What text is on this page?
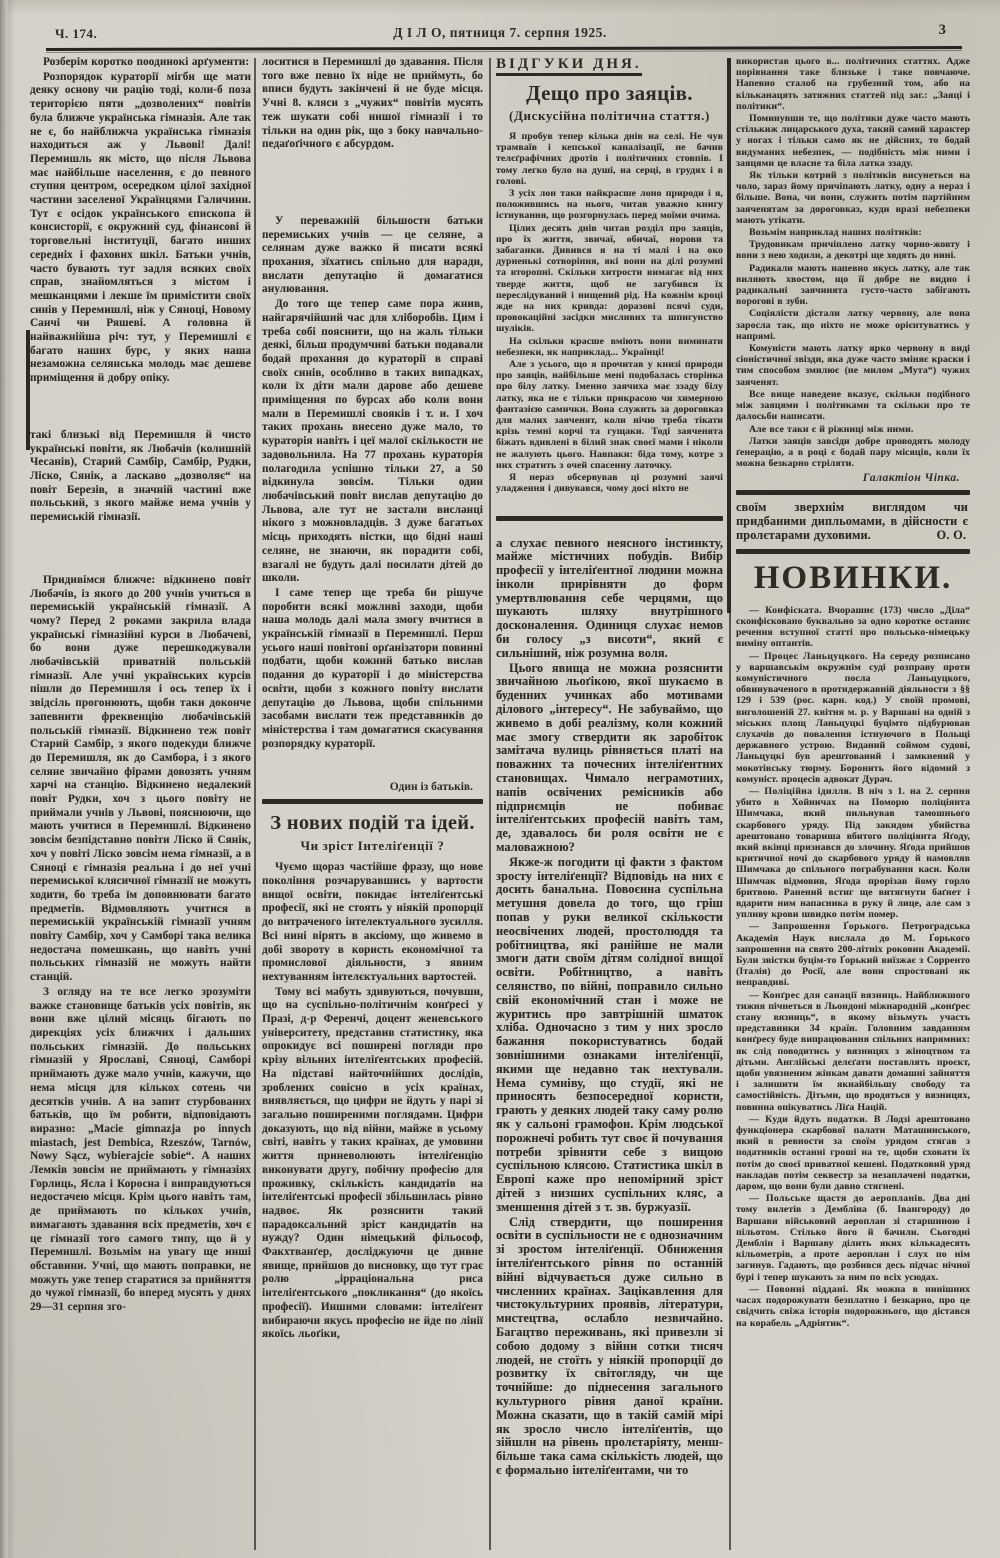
Ч. 174.	Д І Л О, пятниця 7. серпня 1925.	3

Розберім коротко поодинокі арґументи:

Розпорядок кураторії мігби ще мати деяку основу чи рацію тоді, коли-б поза територією пяти „дозволених“ повітів була ближче українська гімназія. Але так не є, бо найближча українська гімназія находиться аж у Львові! Далі! Перемишль як місто, що після Львова має найбільше населення, є до певного ступня центром, осередком цілої західної частини заселеної Українцями Галичини. Тут є осідок українського єпископа й консисторії, є окружний суд, фінансові й торговельні інституції, багато инших середніх і фахових шкіл. Батьки учнів, часто бувають тут задля всяких своїх справ, знайомляться з містом і мешканцями і лекше їм примістити своїх синів у Перемишлі, ніж у Сяноці, Новому Санчі чи Ряшеві. А головна й найважнійша річ: тут, у Перемишлі є багато наших бурс, у яких наша незаможна селянська молодь має дешеве приміщення й добру опіку.

такі близькі від Перемишля й чисто українські повіти, як Любачів (колишній Чесанів), Старий Самбір, Самбір, Рудки, Ліско, Сянік, а ласкаво „дозволяє“ на повіт Березів, в значній частині вже польський, з якого майже нема учнів у перемиській гімназії.

Придивімся ближче: відкинено повіт Любачів, із якого до 200 учнів учиться в перемиській українській гімназії. А чому? Перед 2 роками закрила влада українські гімназійні курси в Любачеві, бо вони дуже перешкоджували любачівській приватній польській гімназії. Але учні українських курсів пішли до Перемишля і ось тепер їх і звідсіль прогонюють, щоби таки доконче запевнити фреквенцію любачівській польській гімназії. Відкинено теж повіт Старий Самбір, з якого подекуди ближче до Перемишля, як до Самбора, і з якого селяне звичайно фірами довозять учням харчі на станцію. Відкинено недалекий повіт Рудки, хоч з цього повіту не приймали учнів у Львові, пояснюючи, що мають учитися в Перемишлі. Відкинено зовсім безпідставно повіти Ліско й Сянік, хоч у повіті Ліско зовсім нема гімназії, а в Сяноці є гімназія реальна і до неї учні перемиської клясичної гімназії не можуть ходити, бо треба їм доповнювати багато предметів. Відмовляють учитися в перемиській українській гімназії учням повіту Самбір, хоч у Самборі така велика недостача помешкань, що навіть учні польських гімназій не можуть найти станцій.

З огляду на те все легко зрозуміти важке становище батьків усіх повітів, як вони вже цілий місяць бігають по дирекціях усіх ближчих і дальших польських гімназій. До польських гімназій у Ярославі, Сяноці, Самборі приймають дуже мало учнів, кажучи, що нема місця для кількох сотень чи десятків учнів. А на запит стурбованих батьків, що їм робити, відповідають виразно: „Macie gimnazja po innych miastach, jest Dembica, Rzeszów, Tarnów, Nowy Sącz, wybierajcie sobie“. А наших Лемків зовсім не приймають у гімназіях Горлиць, Ясла і Коросна і виправдуються недостачею місця. Крім цього навіть там, де приймають по кількох учнів, вимагають здавання всіх предметів, хоч є це гімназії того самого типу, що й у Перемишлі. Возьмім на увагу ще инші обставини. Учні, що мають поправки, не можуть уже тепер старатися за прийняття до чужої гімназії, бо вперед мусять у днях 29—31 серпня зго-

лоситися в Перемишлі до здавання. Після того вже певно їх ніде не приймуть, бо вписи будуть закінчені й не буде місця. Учні 8. кляси з „чужих“ повітів мусять теж шукати собі иншої гімназії і то тільки на один рік, що з боку навчально-педаґоґічного є абсурдом.

У переважній більшости батьки перемиських учнів — це селяне, а селянам дуже важко й писати всякі прохання, зїхатись спільно для наради, вислати депутацію й домагатися анулювання.

До того ще тепер саме пора жнив, найгарячійший час для хліборобів. Цим і треба собі пояснити, що на жаль тільки деякі, більш продумчиві батьки подавали бодай прохання до кураторії в справі своїх синів, особливо в таких випадках, коли їх діти мали дарове або дешеве приміщення по бурсах або коли вони мали в Перемишлі свояків і т. и. І хоч таких прохань внесено дуже мало, то кураторія навіть і цеї малої скількости не задовольнила. На 77 прохань кураторія полагодила успішно тільки 27, а 50 відкинула зовсім. Тільки один любачівський повіт вислав депутацію до Львова, але тут не застали висланці нікого з можновладців. З дуже багатьох місць приходять вістки, що бідні наші селяне, не знаючи, як порадити собі, взагалі не будуть далі посилати дітей до школи.

І саме тепер ще треба би рішуче поробити всякі можливі заходи, щоби наша молодь далі мала змогу вчитися в українській гімназії в Перемишлі. Перш усього наші повітові орґанізатори повинні подбати, щоби кожний батько вислав подання до кураторії і до міністерства освіти, щоби з кожного повіту вислати депутацію до Львова, щоби спільними засобами вислати теж представників до міністерства і там домагатися скасування розпорядку кураторії.

Один із батьків.
З нових подій та ідей.
Чи зріст Інтеліґенції ?

Чуємо щораз частійше фразу, що нове покоління розчарувавшись у вартости вищої освіти, покидає інтеліґентські професії, які не стоять у ніякій пропорції до витраченого інтелектуального зусилля. Всі нині вірять в аксіому, що живемо в добі звороту в користь економічної та промислової діяльности, з явним нехтуванням інтелєктуальних вартостей.

Тому всі мабуть здивуються, почувши, що на суспільно-політичнім конґресі у Празі, д-р Ференчі, доцент женевського університету, представив статистику, яка опрокидує всі поширені погляди про крізу вільних інтеліґентських професій. На підставі найточнійших дослідів, зроблених совісно в усіх країнах, виявляється, що цифри не йдуть у парі зі загально поширеними поглядами. Цифри доказують, що від війни, майже в усьому світі, навіть у таких країнах, де умовини життя приневолюють інтеліґенцію виконувати другу, побічну професію для проживку, скількість кандидатів на інтеліґентські професії збільшилась рівно надвоє. Як розяснити такий парадоксальний зріст кандидатів на нужду? Один німецький фільософ, Факхтванґер, досліджуючи це дивне явище, прийшов до висновку, що тут грає ролю „ірраціональна риса інтеліґентського „покликання“ (до якоїсь професії). Иншими словами: інтеліґент вибираючи якусь професію не йде по лінії якоїсь льоґіки,

ВІДГУКИ ДНЯ.
Дещо про заяців.
(Дискусійна політична стаття.)

Я пробув тепер кілька днів на селі. Не чув трамваїв і кепської каналізації, не бачив телєґрафічних дротів і політичних стовпів. І тому легко було на душі, на серці, в грудях і в голові.

З усіх лон таки найкрасше лоно природи і я, положившись на нього, читав уважно книгу істнування, що розгорнулась перед моїми очима.

Цілих десять днів читав розділ про заяців, про їх життя, звичаї, обичаї, норови та забаганки. Дивився я на ті малі і на око дурненькі сотворіння, які вони на ділі розумні та второпні. Скільки хитрости вимагає від них тверде життя, щоб не загубився їх переслідуваний і нищений рід. На кожнім кроці жде на них кривда: доразові псячі суди, провокаційні засідки мисливих та шпигунство шуліків.

На скільки красше вміють вони виминати небезпеки, як наприклад... Українці!

Але з усього, що я прочитав у книзі природи про заяців, найбільше мені подобалась сторінка про білу латку. Іменно заячиха має ззаду білу латку, яка не є тільки прикрасою чи химерною фантазією самички. Вона служить за дороговказ для малих заяченят, коли нічю треба тікати крізь темні корчі та гущаки. Тоді заяченята біжать вдивлені в білий знак своєї мами і ніколи не жалують цього. Навпаки: біда тому, котре з них стратить з очей спасенну латочку.

Я нераз обсервував ці розумні заячі уладження і дивувався, чому досі ніхто не

а слухає певного неясного інстинкту, майже містичних побудів. Вибір професії у інтеліґентної людини можна інколи прирівняти до форм умертвлювання себе черцями, що шукають шляху внутрішного досконалення. Одиниця слухає немов би голосу „з висоти“, який є сильніший, ніж розумна воля.

Цього явища не можна розяснити звичайною льоґікою, якої шукаємо в буденних учинках або мотивами ділового „інтересу“. Не забуваймо, що живемо в добі реалізму, коли кожний має змогу ствердити як заробіток замітача вулиць рівняється платі на поважних та почесних інтеліґентних становищах. Чимало неграмотних, напів освічених ремісників або підприємців не побиває інтеліґентських професій навіть там, де, здавалось би роля освіти не є маловажною?

Якже-ж погодити ці факти з фактом зросту інтеліґенції? Відповідь на них є досить банальна. Повоєнна суспільна метушня довела до того, що гріш попав у руки великої скількости неосвічених людей, простолюддя та робітництва, які ранійше не мали змоги дати своїм дітям солідної вищої освіти. Робітництво, а навіть селянство, по війні, поправило сильно свій економічний стан і може не журитись про завтрішній шматок хліба. Одночасно з тим у них зросло бажання покористуватись бодай зовнішними ознаками інтеліґенції, якими ще недавно так нехтували. Нема сумніву, що студії, які не приносять безпосередної користи, грають у деяких людей таку саму ролю як у сальоні грамофон. Крім людської порожнечі робить тут своє й почування потреби зрівняти себе з вищою суспільною клясою. Статистика шкіл в Европі каже про непомірний зріст дітей з низших суспільних кляс, а зменшення дітей з т. зв. буржуазії.

Слід ствердити, що поширення освіти в суспільности не є однозначним зі зростом інтеліґенції. Обниження інтеліґентського рівня по останній війні відчувається дуже сильно в численних країнах. Зацікавлення для чистокультурних проявів, літератури, мистецтва, ослабло незвичайно. Багацтво переживань, які привезли зі собою додому з війни сотки тисяч людей, не стоїть у ніякій пропорції до розвитку їх світогляду, чи ще точнійше: до піднесення загального культурного рівня даної країни. Можна сказати, що в такій самій мірі як зросло число інтеліґентів, що зійшли на рівень пролєтаріяту, менш-більше така сама скількість людей, що є формально інтеліґентами, чи то

використав цього в... політичних статтях. Адже порівнання таке близьке і таке повчаюче. Напевно сталоб на грубезний том, або на кільканацять затяжних статтей під заг.: „Заяці і політики“.

Поминувши те, що політики дуже часто мають стількиж лицарського духа, такий самий характер у ногах і тільки само як не дійсних, то бодай видуманих небезпек, — подібність між ними і заяцями це власне та біла латка ззаду.

Як тільки котрий з політиків висунеться на чоло, зараз йому причіпають латку, одну а нераз і більше. Вона, чи вони, служить потім партійним заяченятам за дороговказ, куди вразі небезпеки мають утікати.

Возьмім наприклад наших політиків:

Трудовикам причіплено латку чорно-жовту і вони з нею ходили, а декотрі ще ходять до нині.

Радикали мають напевно якусь латку, але так виляють хвостом, що її добре не видно і радикальні заячинята густо-часто забігають ворогові в зуби.

Соціялісти дістали латку червону, але вона заросла так, що ніхто не може орієнтуватись у напрямі.

Комуністи мають латку ярко червону в виді сіоністичної звізди, яка дуже часто зміняє краски і тим способом змилює (не милом „Мута“) чужих заяченят.

Все вище наведене вказує, скільки подібного між заяцями і політиками та скільки про те далосьби написати.

Але все таки є й ріжниці між ними.

Латки заяців завсіди добре проводять молоду ґенерацію, а в році є бодай пару місяців, коли їх можна безкарно стріляти.

Галактіон Чіпка.

своїм зверхнім виглядом чи придбаними дипльомами, в дійсности є пролєтарами духовими.	О. О.

НОВИНКИ.

— Конфіската. Вчорашнє (173) число „Діла“ сконфісковано буквально за одно коротке останнє речення вступної статті про польсько-німецьку виміну оптантів.

— Процес Ланьцуцкого. На середу розписано у варшавськім окружнім суді розправу проти комуністичного посла Ланьцуцкого, обвинуваченого в протидержавній діяльности з §§ 129 і 539 (рос. карн. код.) У своїй промові, виголошеній 27. квітня м. р. у Варшаві на одній з міських площ Ланьцуцкі буцімто підбурював слухачів до повалення істнуючого в Польщі державного устрою. Виданий соймом судові, Ланьцуцкі був арештований і замкнений у мокотівську тюрму. Боронить його відомий з комуніст. процесів адвокат Дурач.

— Поліційна ідилля. В ніч з 1. на 2. серпня убито в Хойничах на Поморю поліціянта Шимчака, який пильнував тамошнього скарбового уряду. Під закидом убийства арештовано товариша вбитого поліціянта Яґоду, який вкінці признався до злочину. Яґода прийшов критичної ночі до скарбового уряду й намовляв Шимчака до спільного пограбування каси. Коли Шимчак відмовив, Яґода прорізав йому горло бритвою. Ранений встиг ще витягнути баґнет і вдарити ним напасника в руку й лице, але сам з упливу крови швидко потім помер.

— Запрошення Ґорького. Петроградська Академія Наук вислала до М. Ґорького запрошення на свято 200-літніх роковин Академії. Були звістки буцім-то Ґорький виїзжає з Сорренто (Італія) до Росії, але вони спростовані як неправдиві.

— Конґрес для санації вязниць. Найближшого тижня пічнеться в Льондоні міжнародній „конґрес стану вязниць“, в якому візьмуть участь представники 34 країн. Головним завданням конґресу буде випрацювання спільних напрямних: як слід поводитись у вязницях з жіноцтвом та дітьми. Англійські делєґати поставлять проєкт, щоби увязненим жінкам давати домашні зайняття і залишити їм якнайбільшу свободу та самостійність. Дітьми, що вродяться у вязницях, повинна опікуватись Ліґа Націй.

— Куди йдуть податки. В Лодзі арештовано функціонера скарбової палати Маташинського, який в ревности за своїм урядом стягав з податників останні гроші на те, щоби сховати їх потім до своєї приватної кешені. Податковий уряд накладав потім секвестр за незаплачені податки, даром, що вони були давно стягнені.

— Польське щастя до аеропланів. Два дні тому вилетів з Дембліна (б. Івангороду) до Варшави військовий аероплан зі старшиною і пільотом. Стілько його й бачили. Сьогодні Демблін і Варшаву ділить яких кількадесять кільометрів, а проте аероплан і слух по нім загинув. Гадають, що розбився десь підчас нічної бурі і тепер шукають за ним по всіх усюдах.

— Повонні піддані. Як можна в нинішних часах подорожувати безплатно і безкарно, про це свідчить свіжа історія подорожнього, що дістався на корабель „Адріятик“.
